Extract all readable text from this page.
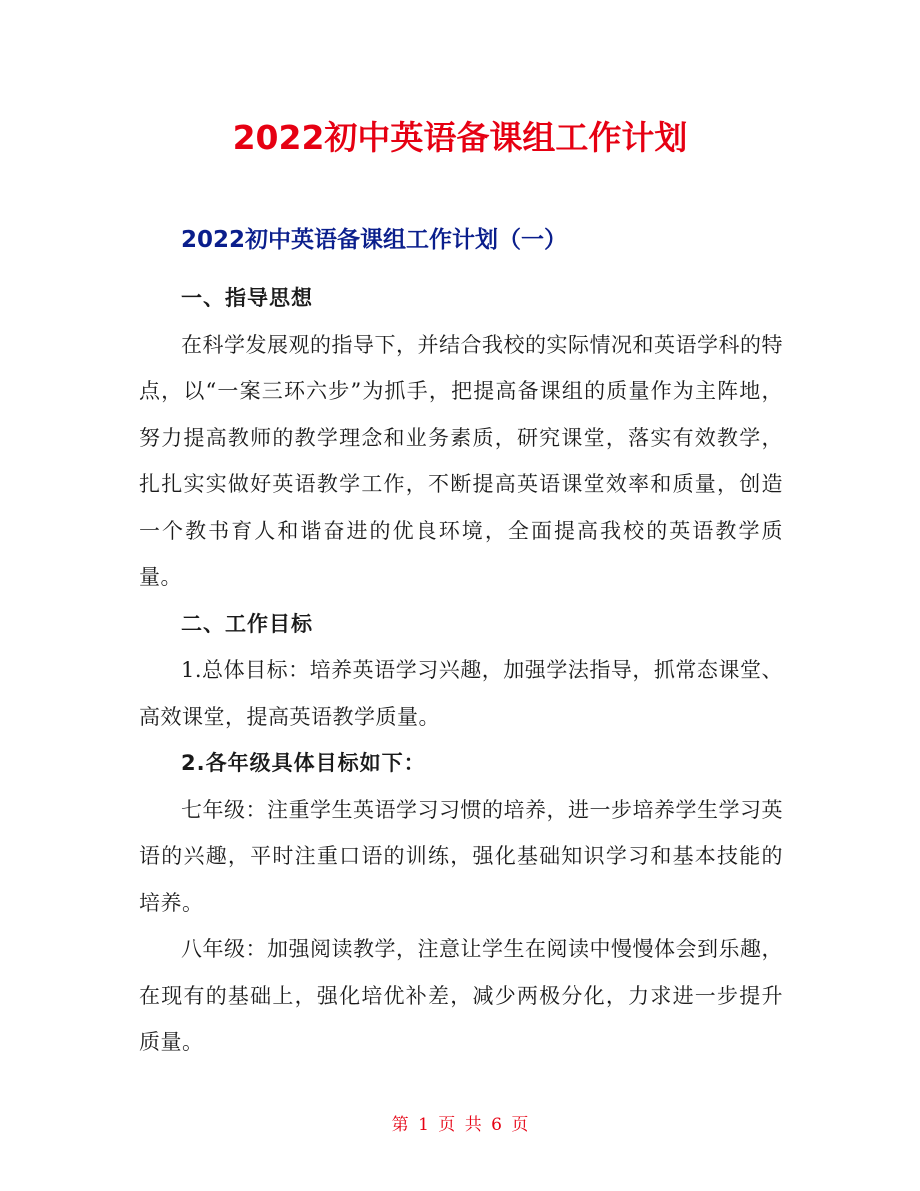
2022初中英语备课组工作计划
2022初中英语备课组工作计划（一）

一、指导思想

在科学发展观的指导下，并结合我校的实际情况和英语学科的特点，以“一案三环六步”为抓手，把提高备课组的质量作为主阵地，努力提高教师的教学理念和业务素质，研究课堂，落实有效教学，扎扎实实做好英语教学工作，不断提高英语课堂效率和质量，创造一个教书育人和谐奋进的优良环境，全面提高我校的英语教学质量。

二、工作目标

1.总体目标：培养英语学习兴趣，加强学法指导，抓常态课堂、高效课堂，提高英语教学质量。

2.各年级具体目标如下：

七年级：注重学生英语学习习惯的培养，进一步培养学生学习英语的兴趣，平时注重口语的训练，强化基础知识学习和基本技能的培养。

八年级：加强阅读教学，注意让学生在阅读中慢慢体会到乐趣，在现有的基础上，强化培优补差，减少两极分化，力求进一步提升质量。

第 1 页 共 6 页
